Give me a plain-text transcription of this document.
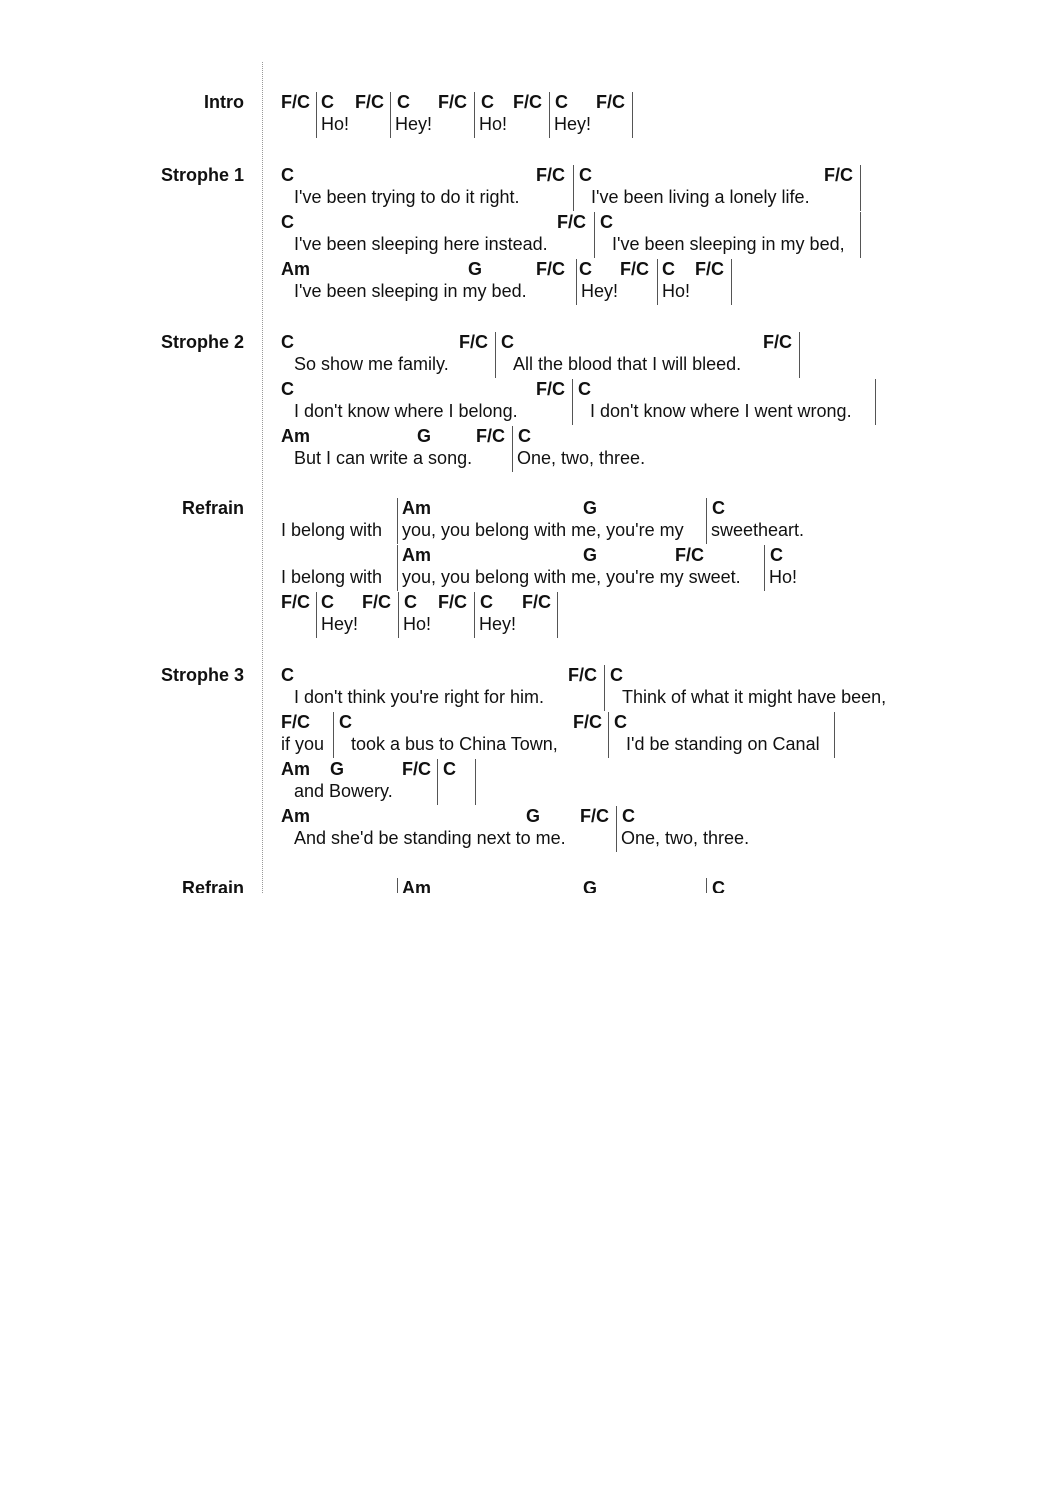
Intro F/C C F/C
Ho!
C F/C
Hey!
C F/C
Ho!
C F/C
Hey!
Strophe 1 C	F/C
I've been trying to do it right.
C	F/C
I've been living a lonely life.
C	F/C
I've been sleeping here instead.
C
I've been sleeping in my bed,
Am	G	F/C
I've been sleeping in my bed.
C F/C
Hey!
C F/C
Ho!
Strophe 2 C	F/C
So show me family.
C	F/C
All the blood that I will bleed.
C	F/C
I don't know where I belong.
C
I don't know where I went wrong.
Am	G F/C
But I can write a song.
C
One, two, three.
Refrain
I belong with
Am	G
you, you belong with me, you're my
C
sweetheart.
I belong with
Am	G	F/C
you, you belong with me, you're my sweet.
C
Ho!
F/C C F/C
Hey!
C F/C
Ho!
C F/C
Hey!
Strophe 3 C	F/C
I don't think you're right for him.
C
Think of what it might have been,
F/C
if you
C	F/C
took a bus to China Town,
C
I'd be standing on Canal
Am G	F/C
and Bowery.
C
Am	G F/C
And she'd be standing next to me.
C
One, two, three.
Refrain	Am	G	C
